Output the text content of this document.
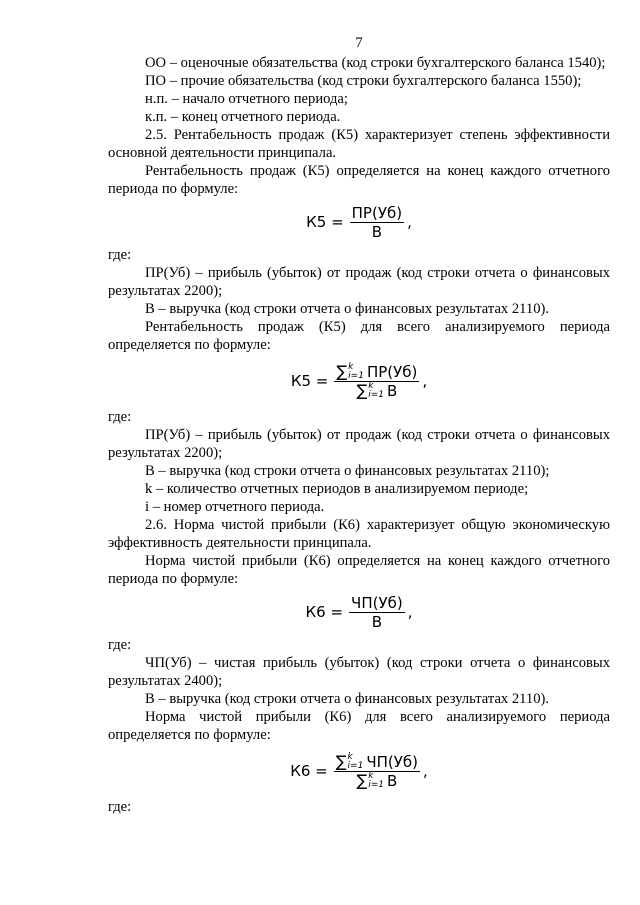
7

ОО – оценочные обязательства (код строки бухгалтерского баланса 1540);

ПО – прочие обязательства (код строки бухгалтерского баланса 1550);

н.п. – начало отчетного периода;

к.п. – конец отчетного периода.

2.5. Рентабельность продаж (К5) характеризует степень эффективности основной деятельности принципала.

Рентабельность продаж (К5) определяется на конец каждого отчетного периода по формуле:

$К5 = \frac{ПР(Уб)}{В}$ ,

где:

ПР(Уб) – прибыль (убыток) от продаж (код строки отчета о финансовых результатах 2200);

В – выручка (код строки отчета о финансовых результатах 2110).

Рентабельность продаж (К5) для всего анализируемого периода определяется по формуле:

К5 =
∑ k
i=1 ПР(Уб)
∑ k
i=1 В
,

где:

ПР(Уб) – прибыль (убыток) от продаж (код строки отчета о финансовых результатах 2200);

В – выручка (код строки отчета о финансовых результатах 2110);

k – количество отчетных периодов в анализируемом периоде;

i – номер отчетного периода.

2.6. Норма чистой прибыли (К6) характеризует общую экономическую эффективность деятельности принципала.

Норма чистой прибыли (К6) определяется на конец каждого отчетного периода по формуле:

$К6 = \frac{ЧП(Уб)}{В}$ ,

где:

ЧП(Уб) – чистая прибыль (убыток) (код строки отчета о финансовых результатах 2400);

В – выручка (код строки отчета о финансовых результатах 2110).

Норма чистой прибыли (К6) для всего анализируемого периода определяется по формуле:

К6 =
∑ k
i=1 ЧП(Уб)
∑ k
i=1 В
,

где:
